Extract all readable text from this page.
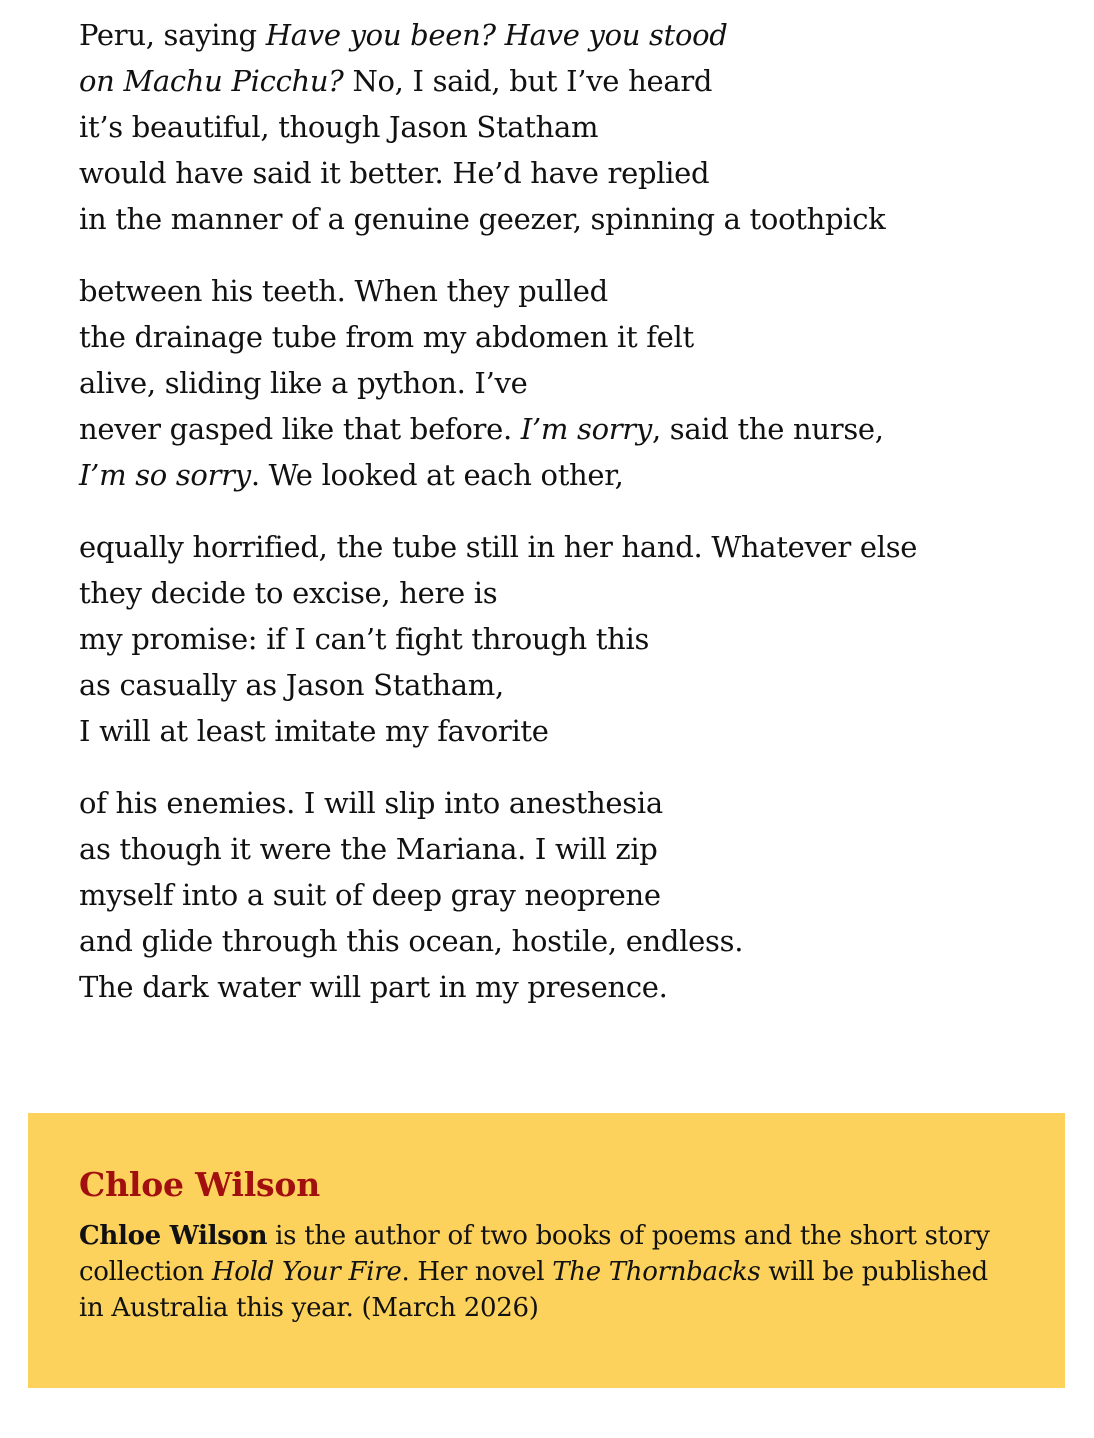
Peru, saying Have you been? Have you stood
on Machu Picchu? No, I said, but I’ve heard
it’s beautiful, though Jason Statham
would have said it better. He’d have replied
in the manner of a genuine geezer, spinning a toothpick
between his teeth. When they pulled
the drainage tube from my abdomen it felt
alive, sliding like a python. I’ve
never gasped like that before. I’m sorry, said the nurse,
I’m so sorry. We looked at each other,
equally horrified, the tube still in her hand. Whatever else
they decide to excise, here is
my promise: if I can’t fight through this
as casually as Jason Statham,
I will at least imitate my favorite
of his enemies. I will slip into anesthesia
as though it were the Mariana. I will zip
myself into a suit of deep gray neoprene
and glide through this ocean, hostile, endless.
The dark water will part in my presence.
Chloe Wilson

Chloe Wilson is the author of two books of poems and the short story collection Hold Your Fire. Her novel The Thornbacks will be published in Australia this year. (March 2026)
